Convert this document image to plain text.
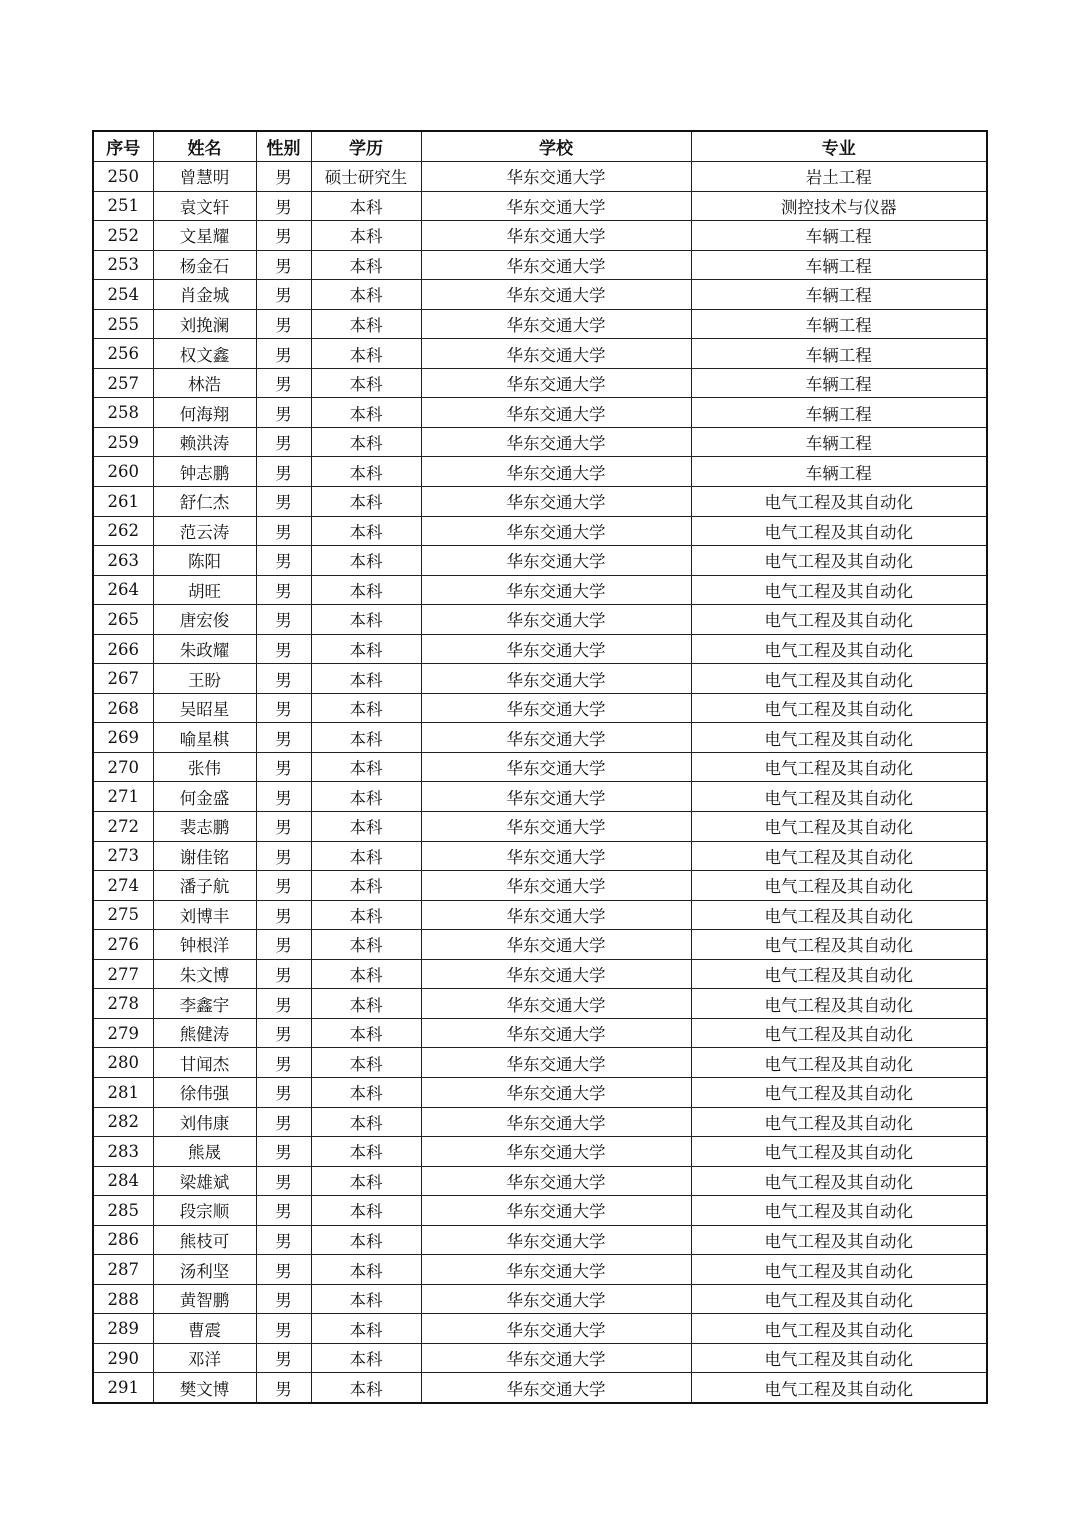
序号	姓名	性别	学历	学校	专业
250	曾慧明	男	硕士研究生	华东交通大学	岩土工程
251	袁文轩	男	本科	华东交通大学	测控技术与仪器
252	文星耀	男	本科	华东交通大学	车辆工程
253	杨金石	男	本科	华东交通大学	车辆工程
254	肖金城	男	本科	华东交通大学	车辆工程
255	刘挽澜	男	本科	华东交通大学	车辆工程
256	权文鑫	男	本科	华东交通大学	车辆工程
257	林浩	男	本科	华东交通大学	车辆工程
258	何海翔	男	本科	华东交通大学	车辆工程
259	赖洪涛	男	本科	华东交通大学	车辆工程
260	钟志鹏	男	本科	华东交通大学	车辆工程
261	舒仁杰	男	本科	华东交通大学	电气工程及其自动化
262	范云涛	男	本科	华东交通大学	电气工程及其自动化
263	陈阳	男	本科	华东交通大学	电气工程及其自动化
264	胡旺	男	本科	华东交通大学	电气工程及其自动化
265	唐宏俊	男	本科	华东交通大学	电气工程及其自动化
266	朱政耀	男	本科	华东交通大学	电气工程及其自动化
267	王盼	男	本科	华东交通大学	电气工程及其自动化
268	吴昭星	男	本科	华东交通大学	电气工程及其自动化
269	喻星棋	男	本科	华东交通大学	电气工程及其自动化
270	张伟	男	本科	华东交通大学	电气工程及其自动化
271	何金盛	男	本科	华东交通大学	电气工程及其自动化
272	裴志鹏	男	本科	华东交通大学	电气工程及其自动化
273	谢佳铭	男	本科	华东交通大学	电气工程及其自动化
274	潘子航	男	本科	华东交通大学	电气工程及其自动化
275	刘博丰	男	本科	华东交通大学	电气工程及其自动化
276	钟根洋	男	本科	华东交通大学	电气工程及其自动化
277	朱文博	男	本科	华东交通大学	电气工程及其自动化
278	李鑫宇	男	本科	华东交通大学	电气工程及其自动化
279	熊健涛	男	本科	华东交通大学	电气工程及其自动化
280	甘闻杰	男	本科	华东交通大学	电气工程及其自动化
281	徐伟强	男	本科	华东交通大学	电气工程及其自动化
282	刘伟康	男	本科	华东交通大学	电气工程及其自动化
283	熊晟	男	本科	华东交通大学	电气工程及其自动化
284	梁雄斌	男	本科	华东交通大学	电气工程及其自动化
285	段宗顺	男	本科	华东交通大学	电气工程及其自动化
286	熊枝可	男	本科	华东交通大学	电气工程及其自动化
287	汤利坚	男	本科	华东交通大学	电气工程及其自动化
288	黄智鹏	男	本科	华东交通大学	电气工程及其自动化
289	曹震	男	本科	华东交通大学	电气工程及其自动化
290	邓洋	男	本科	华东交通大学	电气工程及其自动化
291	樊文博	男	本科	华东交通大学	电气工程及其自动化
